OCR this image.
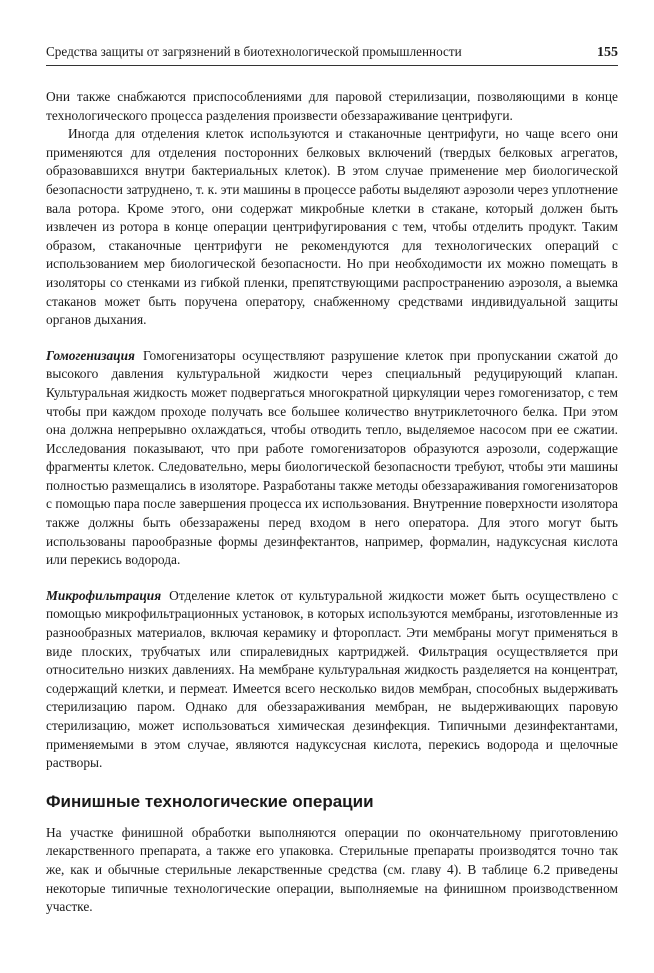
Средства защиты от загрязнений в биотехнологической промышленности	155

Они также снабжаются приспособлениями для паровой стерилизации, позволяющими в конце технологического процесса разделения произвести обеззараживание центрифуги.

Иногда для отделения клеток используются и стаканочные центрифуги, но чаще всего они применяются для отделения посторонних белковых включений (твердых белковых агрегатов, образовавшихся внутри бактериальных клеток). В этом случае применение мер биологической безопасности затруднено, т. к. эти машины в процессе работы выделяют аэрозоли через уплотнение вала ротора. Кроме этого, они содержат микробные клетки в стакане, который должен быть извлечен из ротора в конце операции центрифугирования с тем, чтобы отделить продукт. Таким образом, стаканочные центрифуги не рекомендуются для технологических операций с использованием мер биологической безопасности. Но при необходимости их можно помещать в изоляторы со стенками из гибкой пленки, препятствующими распространению аэрозоля, а выемка стаканов может быть поручена оператору, снабженному средствами индивидуальной защиты органов дыхания.

Гомогенизация Гомогенизаторы осуществляют разрушение клеток при пропускании сжатой до высокого давления культуральной жидкости через специальный редуцирующий клапан. Культуральная жидкость может подвергаться многократной циркуляции через гомогенизатор, с тем чтобы при каждом проходе получать все большее количество внутриклеточного белка. При этом она должна непрерывно охлаждаться, чтобы отводить тепло, выделяемое насосом при ее сжатии. Исследования показывают, что при работе гомогенизаторов образуются аэрозоли, содержащие фрагменты клеток. Следовательно, меры биологической безопасности требуют, чтобы эти машины полностью размещались в изоляторе. Разработаны также методы обеззараживания гомогенизаторов с помощью пара после завершения процесса их использования. Внутренние поверхности изолятора также должны быть обеззаражены перед входом в него оператора. Для этого могут быть использованы парообразные формы дезинфектантов, например, формалин, надуксусная кислота или перекись водорода.

Микрофильтрация Отделение клеток от культуральной жидкости может быть осуществлено с помощью микрофильтрационных установок, в которых используются мембраны, изготовленные из разнообразных материалов, включая керамику и фторопласт. Эти мембраны могут применяться в виде плоских, трубчатых или спиралевидных картриджей. Фильтрация осуществляется при относительно низких давлениях. На мембране культуральная жидкость разделяется на концентрат, содержащий клетки, и пермеат. Имеется всего несколько видов мембран, способных выдерживать стерилизацию паром. Однако для обеззараживания мембран, не выдерживающих паровую стерилизацию, может использоваться химическая дезинфекция. Типичными дезинфектантами, применяемыми в этом случае, являются надуксусная кислота, перекись водорода и щелочные растворы.

Финишные технологические операции

На участке финишной обработки выполняются операции по окончательному приготовлению лекарственного препарата, а также его упаковка. Стерильные препараты производятся точно так же, как и обычные стерильные лекарственные средства (см. главу 4). В таблице 6.2 приведены некоторые типичные технологические операции, выполняемые на финишном производственном участке.
